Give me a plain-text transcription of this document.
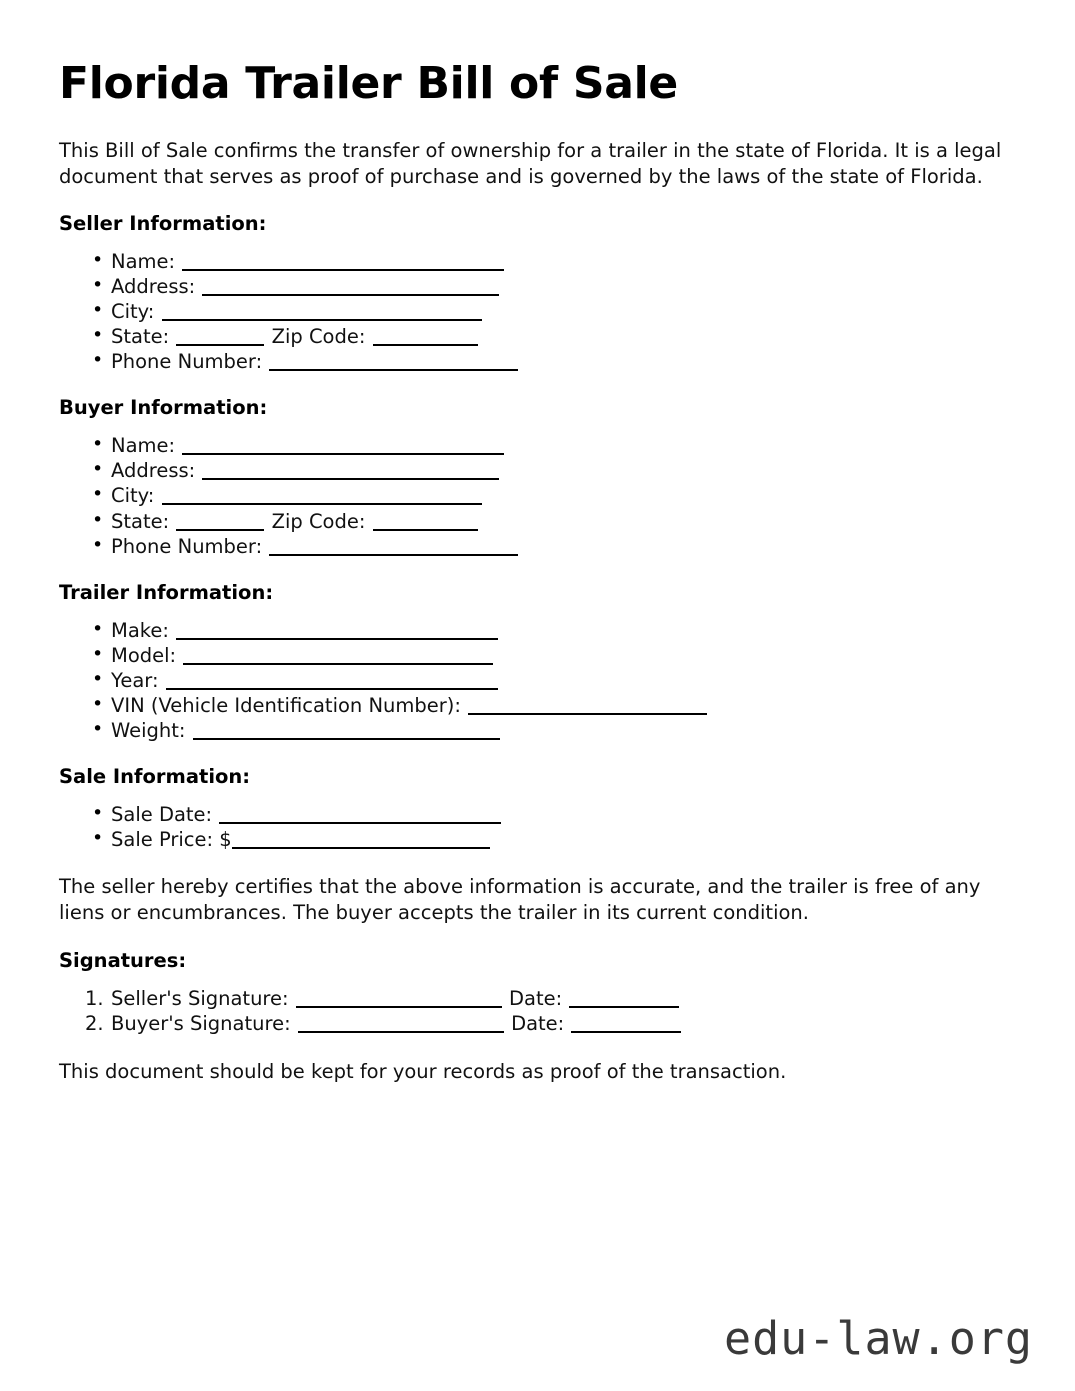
Florida Trailer Bill of Sale

This Bill of Sale confirms the transfer of ownership for a trailer in the state of Florida. It is a legal document that serves as proof of purchase and is governed by the laws of the state of Florida.

Seller Information:
• Name:
• Address:
• City:
• State:	Zip Code:
• Phone Number:
Buyer Information:
• Name:
• Address:
• City:
• State:	Zip Code:
• Phone Number:
Trailer Information:
• Make:
• Model:
• Year:
• VIN (Vehicle Identification Number):
• Weight:
Sale Information:
• Sale Date:
• Sale Price: $

The seller hereby certifies that the above information is accurate, and the trailer is free of any liens or encumbrances. The buyer accepts the trailer in its current condition.

Signatures:
Seller's Signature:	Date:
Buyer's Signature:	Date:

This document should be kept for your records as proof of the transaction.

edu-law.org
